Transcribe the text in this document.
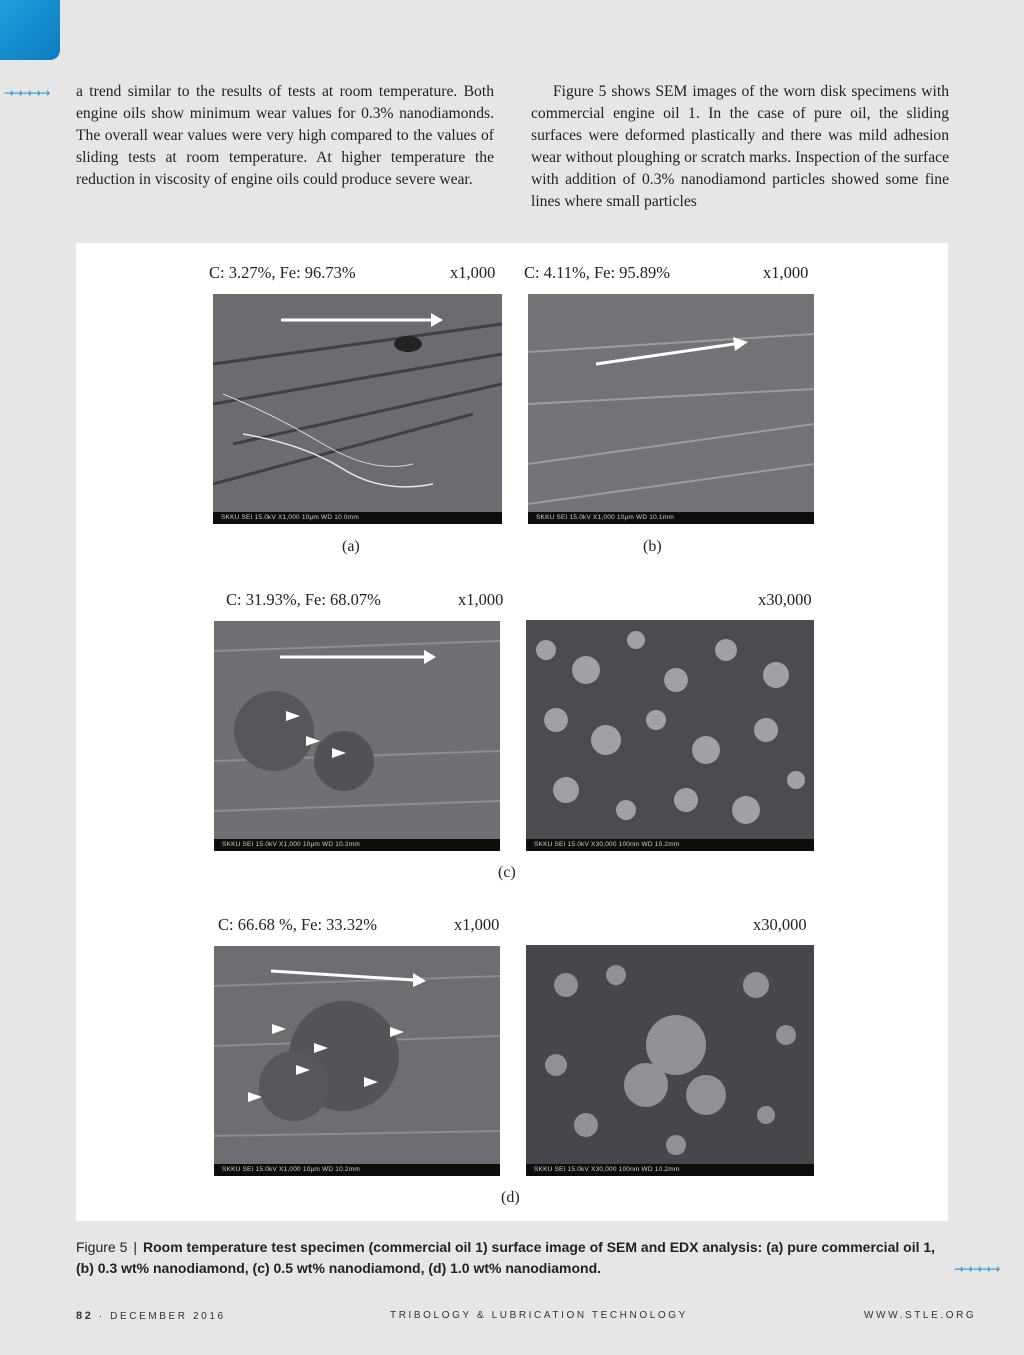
→→→→→ a trend similar to the results of tests at room temperature. Both engine oils show minimum wear values for 0.3% nanodiamonds. The overall wear values were very high compared to the values of sliding tests at room temperature. At higher temperature the reduction in viscosity of engine oils could produce severe wear.

Figure 5 shows SEM images of the worn disk specimens with commercial engine oil 1. In the case of pure oil, the sliding surfaces were deformed plastically and there was mild adhesion wear without ploughing or scratch marks. Inspection of the surface with addition of 0.3% nanodiamond particles showed some fine lines where small particles

C: 3.27%, Fe: 96.73%	x1,000 C: 4.11%, Fe: 95.89%	x1,000
SKKU SEI 15.0kV X1,000 10μm WD 10.0mm	SKKU SEI 15.0kV X1,000 10μm WD 10.1mm
(a)	(b)
C: 31.93%, Fe: 68.07%	x1,000	x30,000
SKKU SEI 15.0kV X1,000 10μm WD 10.2mm	SKKU SEI 15.0kV X30,000 100nm WD 10.2mm
(c)
C: 66.68 %, Fe: 33.32%	x1,000	x30,000
SKKU SEI 15.0kV X1,000 10μm WD 10.2mm	SKKU SEI 15.0kV X30,000 100nm WD 10.2mm
(d)
Figure 5 | Room temperature test specimen (commercial oil 1) surface image of SEM and EDX analysis: (a) pure commercial oil 1, (b) 0.3 wt% nanodiamond, (c) 0.5 wt% nanodiamond, (d) 1.0 wt% nanodiamond.	→→→→→
82 · DECEMBER 2016	TRIBOLOGY & LUBRICATION TECHNOLOGY	WWW.STLE.ORG
